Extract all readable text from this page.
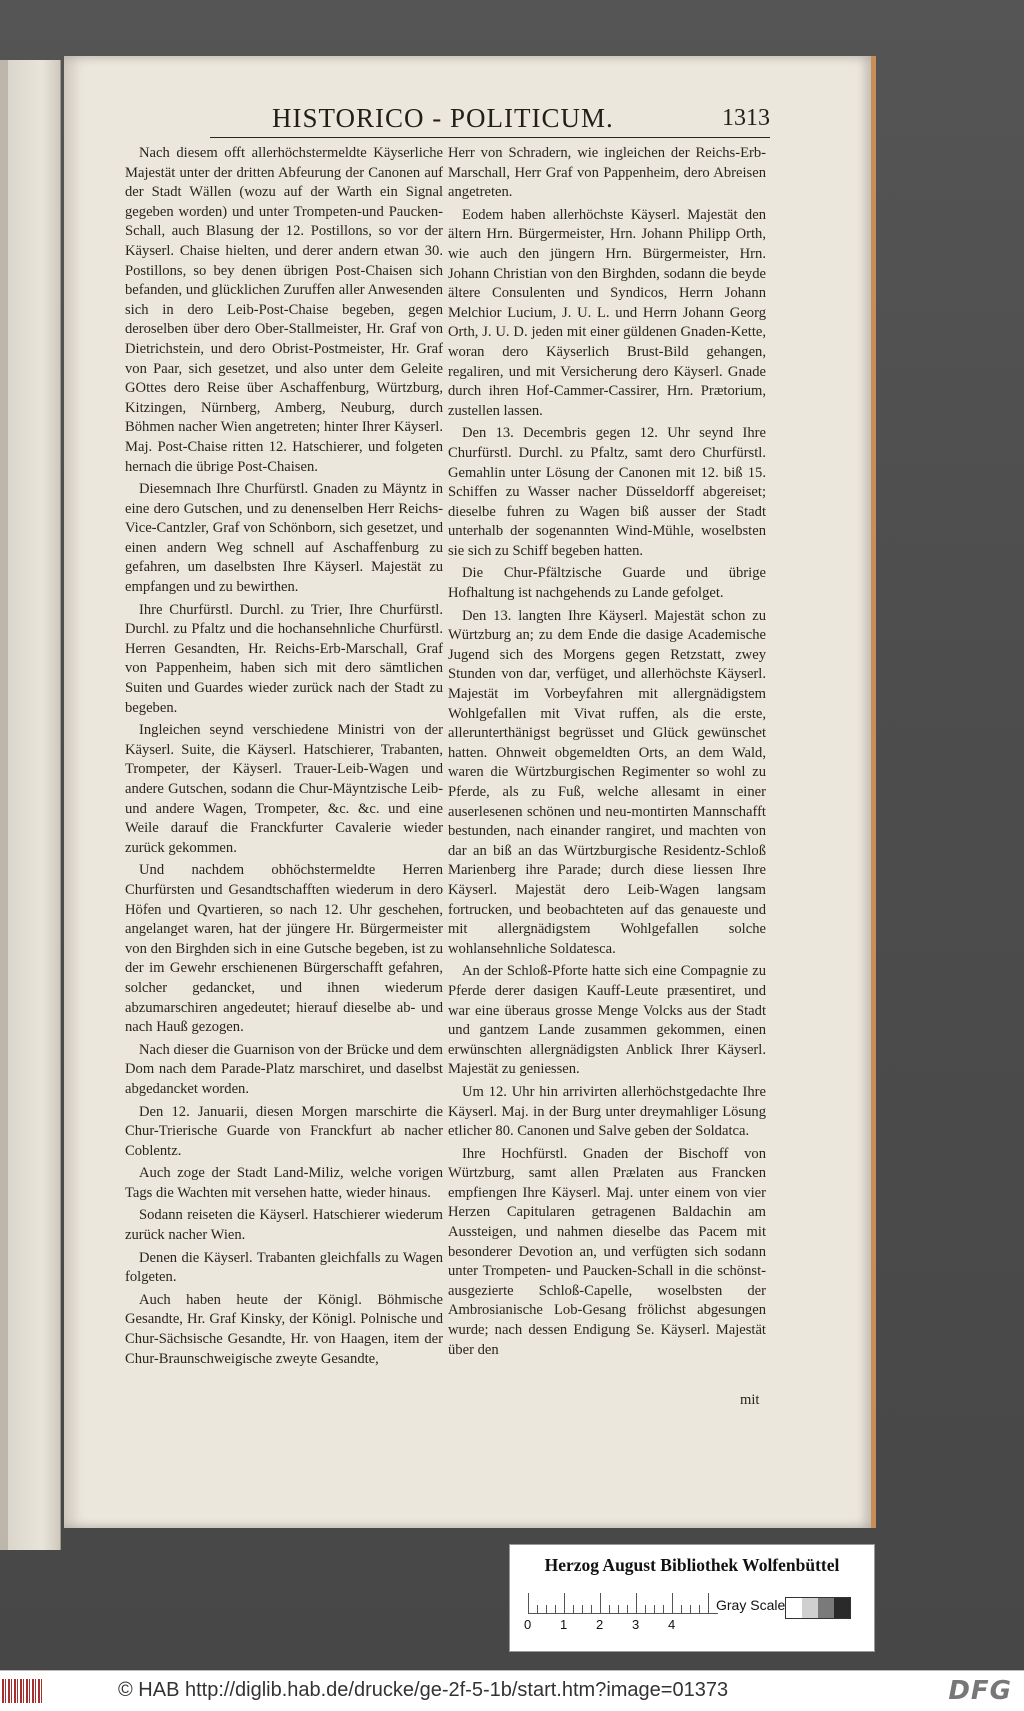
HISTORICO - POLITICUM.	1313

Nach diesem offt allerhöchstermeldte Käyserliche Majestät unter der dritten Abfeurung der Canonen auf der Stadt Wällen (wozu auf der Warth ein Signal gegeben worden) und unter Trompeten-und Paucken-Schall, auch Blasung der 12. Postillons, so vor der Käyserl. Chaise hielten, und derer andern etwan 30. Postillons, so bey denen übrigen Post-Chaisen sich befanden, und glücklichen Zuruffen aller Anwesenden sich in dero Leib-Post-Chaise begeben, gegen deroselben über dero Ober-Stallmeister, Hr. Graf von Dietrichstein, und dero Obrist-Postmeister, Hr. Graf von Paar, sich gesetzet, und also unter dem Geleite GOttes dero Reise über Aschaffenburg, Würtzburg, Kitzingen, Nürnberg, Amberg, Neuburg, durch Böhmen nacher Wien angetreten; hinter Ihrer Käyserl. Maj. Post-Chaise ritten 12. Hatschierer, und folgeten hernach die übrige Post-Chaisen.

Diesemnach Ihre Churfürstl. Gnaden zu Mäyntz in eine dero Gutschen, und zu denenselben Herr Reichs-Vice-Cantzler, Graf von Schönborn, sich gesetzet, und einen andern Weg schnell auf Aschaffenburg zu gefahren, um daselbsten Ihre Käyserl. Majestät zu empfangen und zu bewirthen.

Ihre Churfürstl. Durchl. zu Trier, Ihre Churfürstl. Durchl. zu Pfaltz und die hochansehnliche Churfürstl. Herren Gesandten, Hr. Reichs-Erb-Marschall, Graf von Pappenheim, haben sich mit dero sämtlichen Suiten und Guardes wieder zurück nach der Stadt zu begeben.

Ingleichen seynd verschiedene Ministri von der Käyserl. Suite, die Käyserl. Hatschierer, Trabanten, Trompeter, der Käyserl. Trauer-Leib-Wagen und andere Gutschen, sodann die Chur-Mäyntzische Leib-und andere Wagen, Trompeter, &c. &c. und eine Weile darauf die Franckfurter Cavalerie wieder zurück gekommen.

Und nachdem obhöchstermeldte Herren Churfürsten und Gesandtschafften wiederum in dero Höfen und Qvartieren, so nach 12. Uhr geschehen, angelanget waren, hat der jüngere Hr. Bürgermeister von den Birghden sich in eine Gutsche begeben, ist zu der im Gewehr erschienenen Bürgerschafft gefahren, solcher gedancket, und ihnen wiederum abzumarschiren angedeutet; hierauf dieselbe ab- und nach Hauß gezogen.

Nach dieser die Guarnison von der Brücke und dem Dom nach dem Parade-Platz marschiret, und daselbst abgedancket worden.

Den 12. Januarii, diesen Morgen marschirte die Chur-Trierische Guarde von Franckfurt ab nacher Coblentz.

Auch zoge der Stadt Land-Miliz, welche vorigen Tags die Wachten mit versehen hatte, wieder hinaus.

Sodann reiseten die Käyserl. Hatschierer wiederum zurück nacher Wien.

Denen die Käyserl. Trabanten gleichfalls zu Wagen folgeten.

Auch haben heute der Königl. Böhmische Gesandte, Hr. Graf Kinsky, der Königl. Polnische und Chur-Sächsische Gesandte, Hr. von Haagen, item der Chur-Braunschweigische zweyte Gesandte,

Herr von Schradern, wie ingleichen der Reichs-Erb-Marschall, Herr Graf von Pappenheim, dero Abreisen angetreten.

Eodem haben allerhöchste Käyserl. Majestät den ältern Hrn. Bürgermeister, Hrn. Johann Philipp Orth, wie auch den jüngern Hrn. Bürgermeister, Hrn. Johann Christian von den Birghden, sodann die beyde ältere Consulenten und Syndicos, Herrn Johann Melchior Lucium, J. U. L. und Herrn Johann Georg Orth, J. U. D. jeden mit einer güldenen Gnaden-Kette, woran dero Käyserlich Brust-Bild gehangen, regaliren, und mit Versicherung dero Käyserl. Gnade durch ihren Hof-Cammer-Cassirer, Hrn. Prætorium, zustellen lassen.

Den 13. Decembris gegen 12. Uhr seynd Ihre Churfürstl. Durchl. zu Pfaltz, samt dero Churfürstl. Gemahlin unter Lösung der Canonen mit 12. biß 15. Schiffen zu Wasser nacher Düsseldorff abgereiset; dieselbe fuhren zu Wagen biß ausser der Stadt unterhalb der sogenannten Wind-Mühle, woselbsten sie sich zu Schiff begeben hatten.

Die Chur-Pfältzische Guarde und übrige Hofhaltung ist nachgehends zu Lande gefolget.

Den 13. langten Ihre Käyserl. Majestät schon zu Würtzburg an; zu dem Ende die dasige Academische Jugend sich des Morgens gegen Retzstatt, zwey Stunden von dar, verfüget, und allerhöchste Käyserl. Majestät im Vorbeyfahren mit allergnädigstem Wohlgefallen mit Vivat ruffen, als die erste, allerunterthänigst begrüsset und Glück gewünschet hatten. Ohnweit obgemeldten Orts, an dem Wald, waren die Würtzburgischen Regimenter so wohl zu Pferde, als zu Fuß, welche allesamt in einer auserlesenen schönen und neu-montirten Mannschafft bestunden, nach einander rangiret, und machten von dar an biß an das Würtzburgische Residentz-Schloß Marienberg ihre Parade; durch diese liessen Ihre Käyserl. Majestät dero Leib-Wagen langsam fortrucken, und beobachteten auf das genaueste und mit allergnädigstem Wohlgefallen solche wohlansehnliche Soldatesca.

An der Schloß-Pforte hatte sich eine Compagnie zu Pferde derer dasigen Kauff-Leute præsentiret, und war eine überaus grosse Menge Volcks aus der Stadt und gantzem Lande zusammen gekommen, einen erwünschten allergnädigsten Anblick Ihrer Käyserl. Majestät zu geniessen.

Um 12. Uhr hin arrivirten allerhöchstgedachte Ihre Käyserl. Maj. in der Burg unter dreymahliger Lösung etlicher 80. Canonen und Salve geben der Soldatca.

Ihre Hochfürstl. Gnaden der Bischoff von Würtzburg, samt allen Prælaten aus Francken empfiengen Ihre Käyserl. Maj. unter einem von vier Herzen Capitularen getragenen Baldachin am Aussteigen, und nahmen dieselbe das Pacem mit besonderer Devotion an, und verfügten sich sodann unter Trompeten- und Paucken-Schall in die schönst-ausgezierte Schloß-Capelle, woselbsten der Ambrosianische Lob-Gesang frölichst abgesungen wurde; nach dessen Endigung Se. Käyserl. Majestät über den

mit
Herzog August Bibliothek Wolfenbüttel
0 1 2 3 4
Gray Scale
© HAB http://diglib.hab.de/drucke/ge-2f-5-1b/start.htm?image=01373	DFG
